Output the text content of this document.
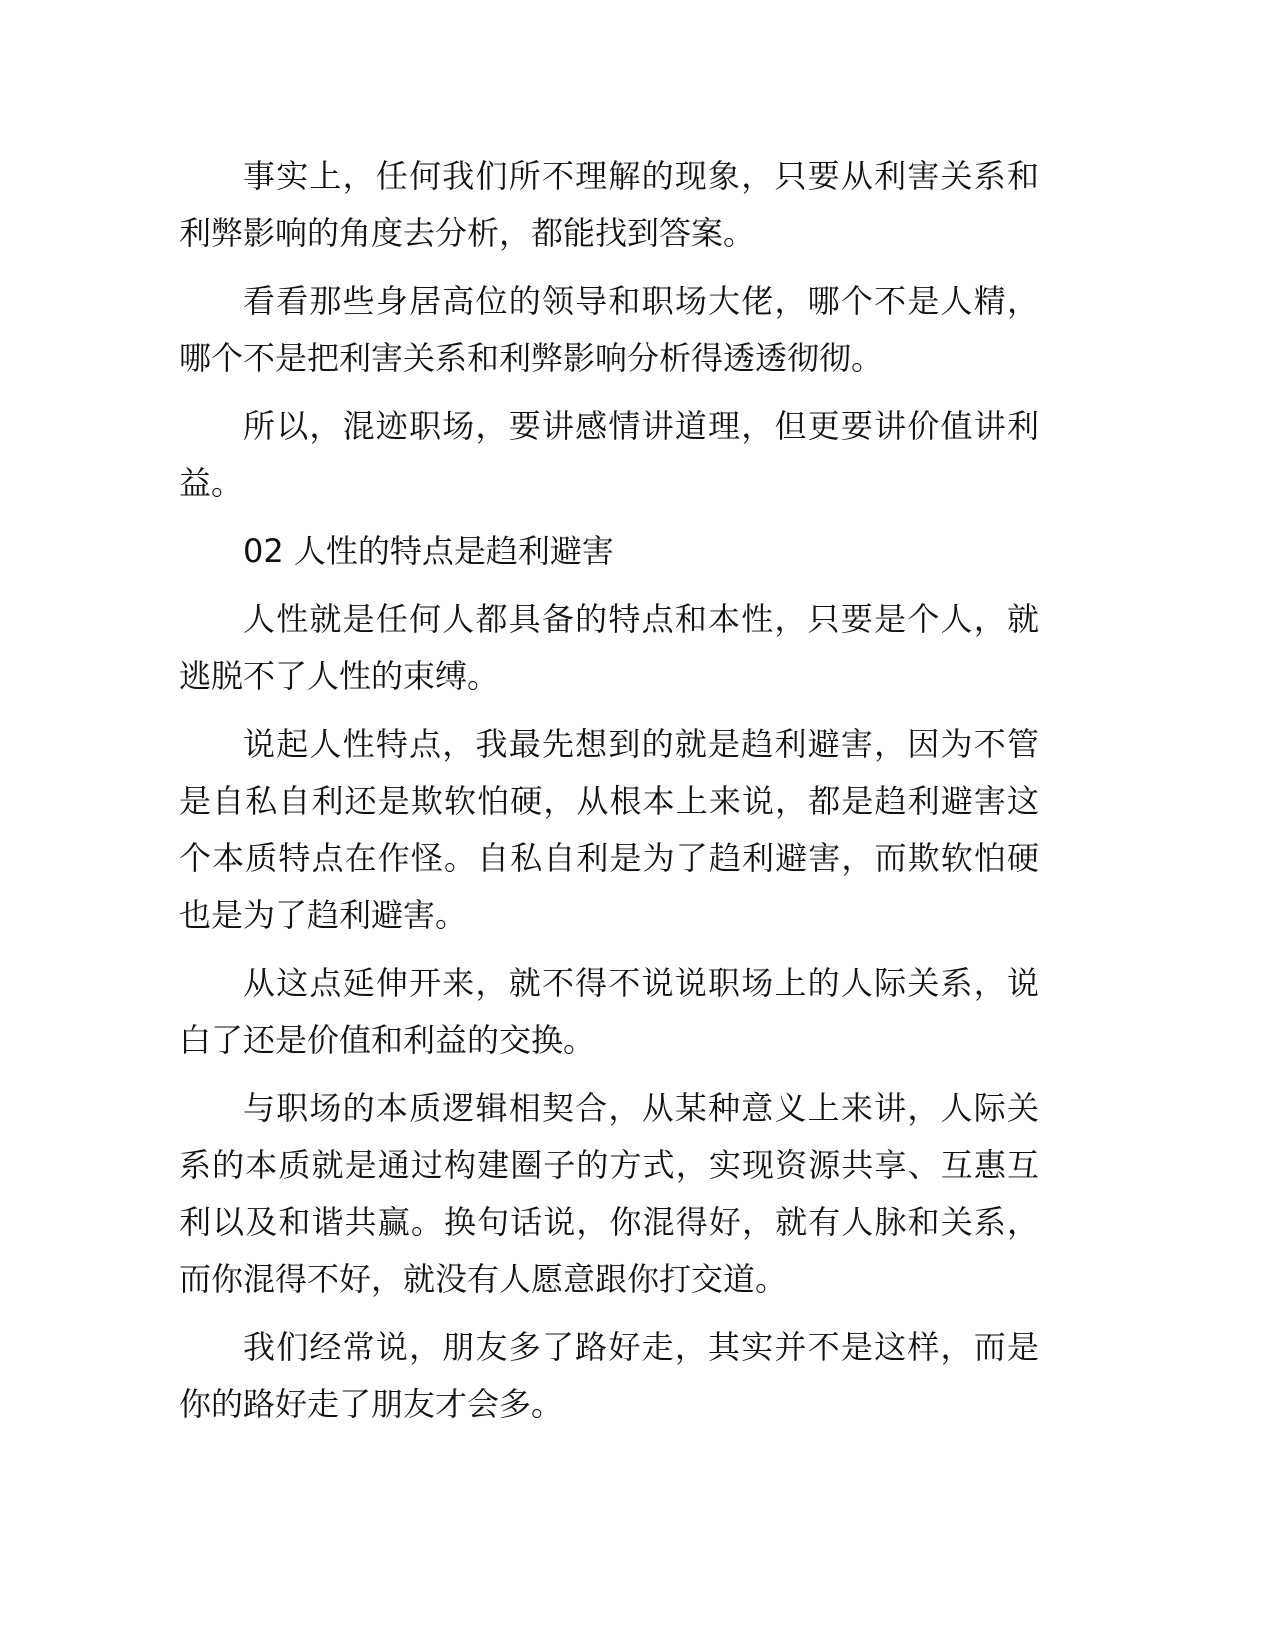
事实上，任何我们所不理解的现象，只要从利害关系和利弊影响的角度去分析，都能找到答案。

看看那些身居高位的领导和职场大佬，哪个不是人精，哪个不是把利害关系和利弊影响分析得透透彻彻。

所以，混迹职场，要讲感情讲道理，但更要讲价值讲利益。

02 人性的特点是趋利避害

人性就是任何人都具备的特点和本性，只要是个人，就逃脱不了人性的束缚。

说起人性特点，我最先想到的就是趋利避害，因为不管是自私自利还是欺软怕硬，从根本上来说，都是趋利避害这个本质特点在作怪。自私自利是为了趋利避害，而欺软怕硬也是为了趋利避害。

从这点延伸开来，就不得不说说职场上的人际关系，说白了还是价值和利益的交换。

与职场的本质逻辑相契合，从某种意义上来讲，人际关系的本质就是通过构建圈子的方式，实现资源共享、互惠互利以及和谐共赢。换句话说，你混得好，就有人脉和关系，而你混得不好，就没有人愿意跟你打交道。

我们经常说，朋友多了路好走，其实并不是这样，而是你的路好走了朋友才会多。
